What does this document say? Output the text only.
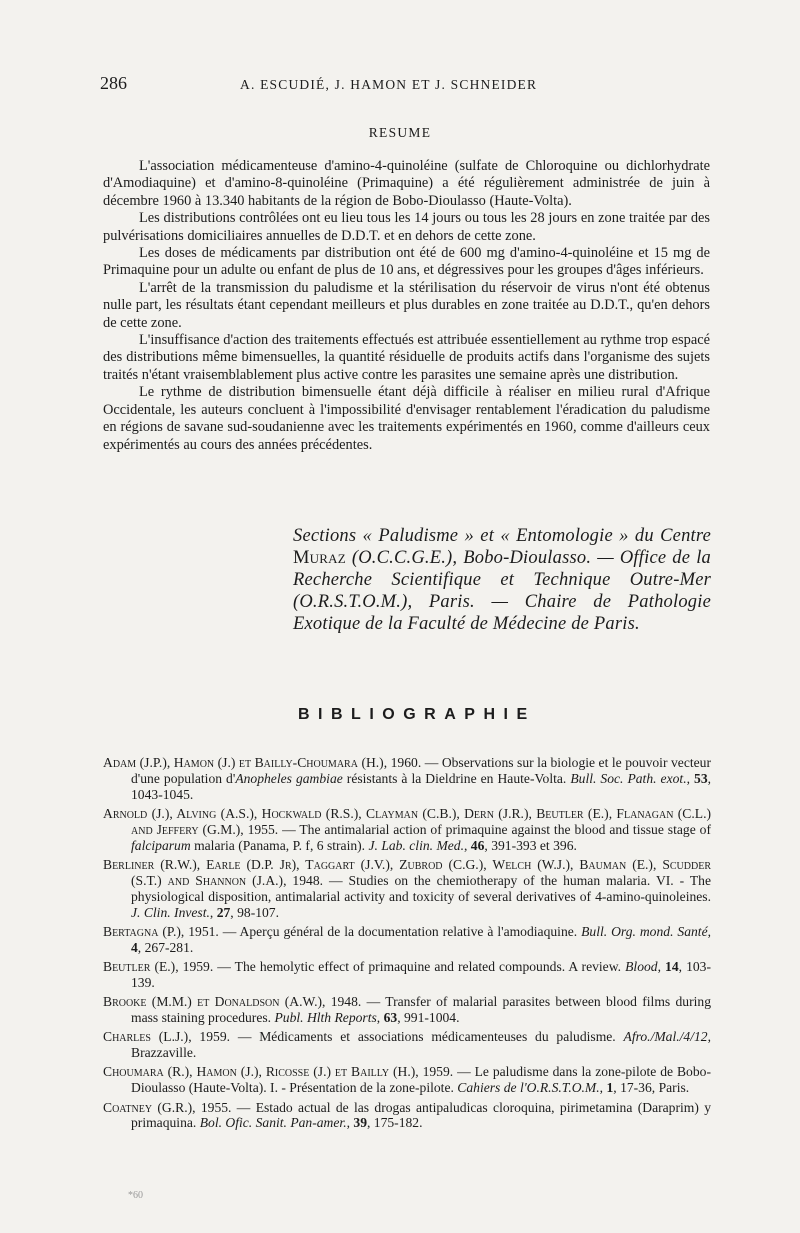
286	A. ESCUDIÉ, J. HAMON ET J. SCHNEIDER
RESUME

L'association médicamenteuse d'amino-4-quinoléine (sulfate de Chloroquine ou dichlorhydrate d'Amodiaquine) et d'amino-8-quinoléine (Primaquine) a été régulièrement administrée de juin à décembre 1960 à 13.340 habitants de la région de Bobo-Dioulasso (Haute-Volta).

Les distributions contrôlées ont eu lieu tous les 14 jours ou tous les 28 jours en zone traitée par des pulvérisations domiciliaires annuelles de D.D.T. et en dehors de cette zone.

Les doses de médicaments par distribution ont été de 600 mg d'amino-4-quinoléine et 15 mg de Primaquine pour un adulte ou enfant de plus de 10 ans, et dégressives pour les groupes d'âges inférieurs.

L'arrêt de la transmission du paludisme et la stérilisation du réservoir de virus n'ont été obtenus nulle part, les résultats étant cependant meilleurs et plus durables en zone traitée au D.D.T., qu'en dehors de cette zone.

L'insuffisance d'action des traitements effectués est attribuée essentiellement au rythme trop espacé des distributions même bimensuelles, la quantité résiduelle de produits actifs dans l'organisme des sujets traités n'étant vraisemblablement plus active contre les parasites une semaine après une distribution.

Le rythme de distribution bimensuelle étant déjà difficile à réaliser en milieu rural d'Afrique Occidentale, les auteurs concluent à l'impossibilité d'envisager rentablement l'éradication du paludisme en régions de savane sud-soudanienne avec les traitements expérimentés en 1960, comme d'ailleurs ceux expérimentés au cours des années précédentes.

Sections « Paludisme » et « Entomologie » du Centre Muraz (O.C.C.G.E.), Bobo-Dioulasso. — Office de la Recherche Scientifique et Technique Outre-Mer (O.R.S.T.O.M.), Paris. — Chaire de Pathologie Exotique de la Faculté de Médecine de Paris.
BIBLIOGRAPHIE
Adam (J.P.), Hamon (J.) et Bailly-Choumara (H.), 1960. — Observations sur la biologie et le pouvoir vecteur d'une population d'Anopheles gambiae résistants à la Dieldrine en Haute-Volta. Bull. Soc. Path. exot., 53, 1043-1045.
Arnold (J.), Alving (A.S.), Hockwald (R.S.), Clayman (C.B.), Dern (J.R.), Beutler (E.), Flanagan (C.L.) and Jeffery (G.M.), 1955. — The antimalarial action of primaquine against the blood and tissue stage of falciparum malaria (Panama, P. f, 6 strain). J. Lab. clin. Med., 46, 391-393 et 396.
Berliner (R.W.), Earle (D.P. Jr), Taggart (J.V.), Zubrod (C.G.), Welch (W.J.), Bauman (E.), Scudder (S.T.) and Shannon (J.A.), 1948. — Studies on the chemiotherapy of the human malaria. VI. - The physiological disposition, antimalarial activity and toxicity of several derivatives of 4-amino-quinoleines. J. Clin. Invest., 27, 98-107.
Bertagna (P.), 1951. — Aperçu général de la documentation relative à l'amodiaquine. Bull. Org. mond. Santé, 4, 267-281.
Beutler (E.), 1959. — The hemolytic effect of primaquine and related compounds. A review. Blood, 14, 103-139.
Brooke (M.M.) et Donaldson (A.W.), 1948. — Transfer of malarial parasites between blood films during mass staining procedures. Publ. Hlth Reports, 63, 991-1004.
Charles (L.J.), 1959. — Médicaments et associations médicamenteuses du paludisme. Afro./Mal./4/12, Brazzaville.
Choumara (R.), Hamon (J.), Ricosse (J.) et Bailly (H.), 1959. — Le paludisme dans la zone-pilote de Bobo-Dioulasso (Haute-Volta). I. - Présentation de la zone-pilote. Cahiers de l'O.R.S.T.O.M., 1, 17-36, Paris.
Coatney (G.R.), 1955. — Estado actual de las drogas antipaludicas cloroquina, pirimetamina (Daraprim) y primaquina. Bol. Ofic. Sanit. Pan-amer., 39, 175-182.
*60
